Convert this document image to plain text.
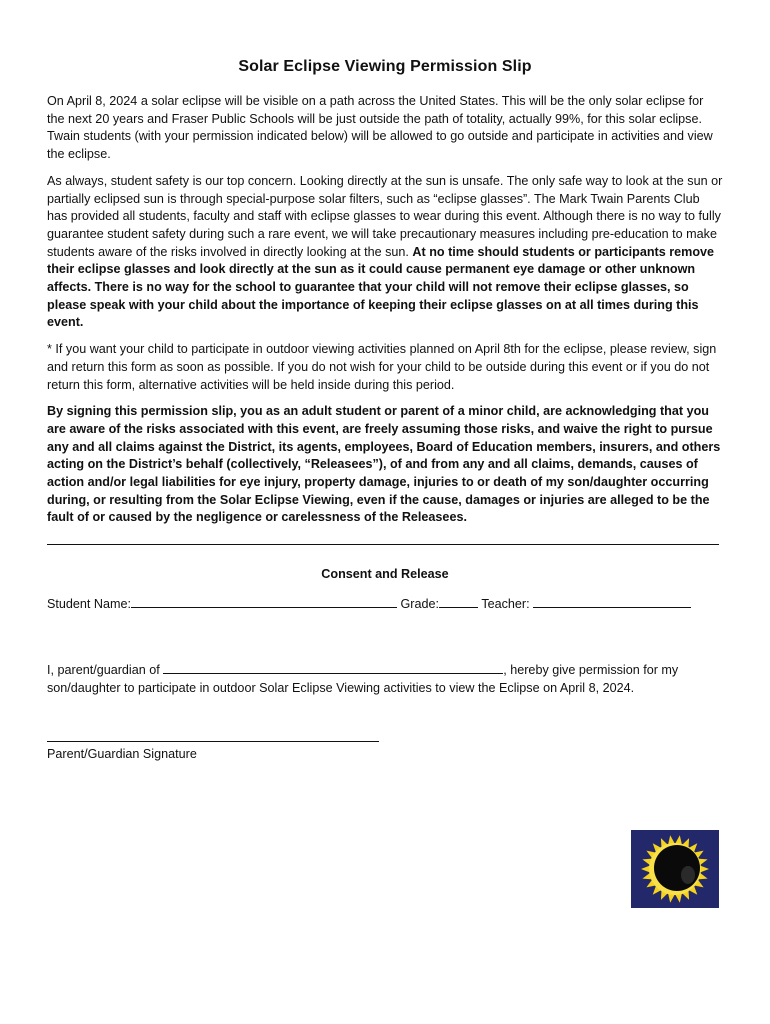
Solar Eclipse Viewing Permission Slip

On April 8, 2024 a solar eclipse will be visible on a path across the United States. This will be the only solar eclipse for the next 20 years and Fraser Public Schools will be just outside the path of totality, actually 99%, for this solar eclipse. Twain students (with your permission indicated below) will be allowed to go outside and participate in activities and view the eclipse.

As always, student safety is our top concern. Looking directly at the sun is unsafe. The only safe way to look at the sun or partially eclipsed sun is through special-purpose solar filters, such as “eclipse glasses”. The Mark Twain Parents Club has provided all students, faculty and staff with eclipse glasses to wear during this event. Although there is no way to fully guarantee student safety during such a rare event, we will take precautionary measures including pre-education to make students aware of the risks involved in directly looking at the sun. At no time should students or participants remove their eclipse glasses and look directly at the sun as it could cause permanent eye damage or other unknown affects. There is no way for the school to guarantee that your child will not remove their eclipse glasses, so please speak with your child about the importance of keeping their eclipse glasses on at all times during this event.

* If you want your child to participate in outdoor viewing activities planned on April 8th for the eclipse, please review, sign and return this form as soon as possible. If you do not wish for your child to be outside during this event or if you do not return this form, alternative activities will be held inside during this period.

By signing this permission slip, you as an adult student or parent of a minor child, are acknowledging that you are aware of the risks associated with this event, are freely assuming those risks, and waive the right to pursue any and all claims against the District, its agents, employees, Board of Education members, insurers, and others acting on the District’s behalf (collectively, “Releasees”), of and from any and all claims, demands, causes of action and/or legal liabilities for eye injury, property damage, injuries to or death of my son/daughter occurring during, or resulting from the Solar Eclipse Viewing, even if the cause, damages or injuries are alleged to be the fault of or caused by the negligence or carelessness of the Releasees.

Consent and Release
Student Name:	Grade:	Teacher:
I, parent/guardian of	, hereby give permission for my
son/daughter to participate in outdoor Solar Eclipse Viewing activities to view the Eclipse on April 8, 2024.
Parent/Guardian Signature
